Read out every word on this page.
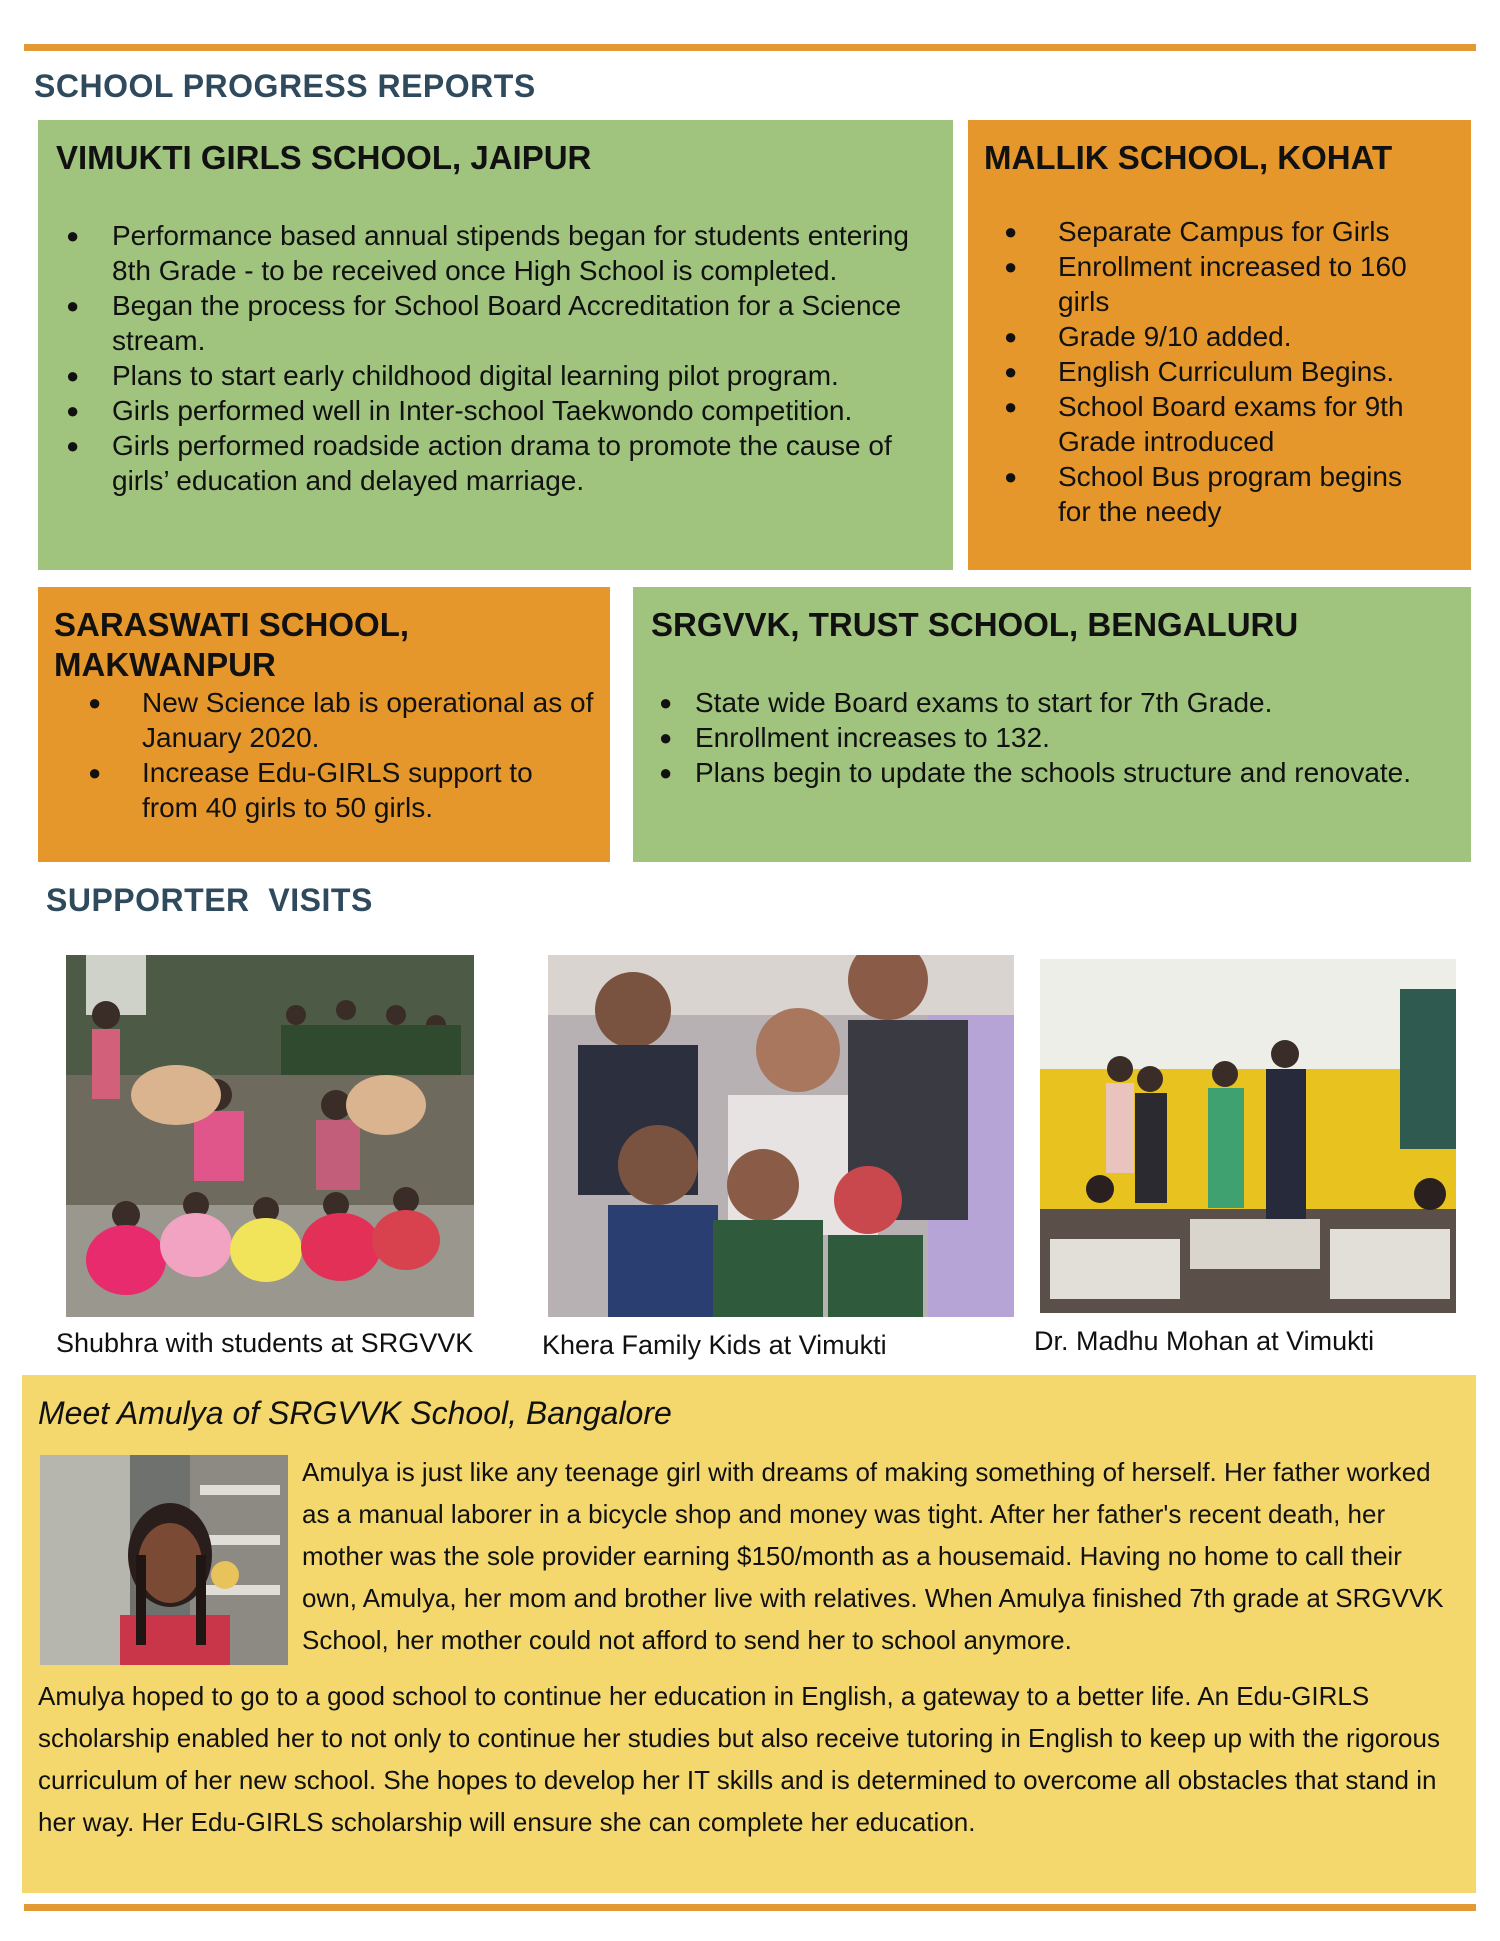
SCHOOL PROGRESS REPORTS
VIMUKTI GIRLS SCHOOL, JAIPUR
● Performance based annual stipends began for students entering 8th Grade - to be received once High School is completed.
● Began the process for School Board Accreditation for a Science stream.
● Plans to start early childhood digital learning pilot program.
● Girls performed well in Inter-school Taekwondo competition.
● Girls performed roadside action drama to promote the cause of girls’ education and delayed marriage.
MALLIK SCHOOL, KOHAT
● Separate Campus for Girls
● Enrollment increased to 160 girls
● Grade 9/10 added.
● English Curriculum Begins.
● School Board exams for 9th Grade introduced
● School Bus program begins for the needy
SARASWATI SCHOOL, MAKWANPUR
● New Science lab is operational as of January 2020.
● Increase Edu-GIRLS support to from 40 girls to 50 girls.
SRGVVK, TRUST SCHOOL, BENGALURU
● State wide Board exams to start for 7th Grade.
● Enrollment increases to 132.
● Plans begin to update the schools structure and renovate.
SUPPORTER  VISITS
Shubhra with students at SRGVVK	Khera Family Kids at Vimukti	Dr. Madhu Mohan at Vimukti
Meet Amulya of SRGVVK School, Bangalore

Amulya is just like any teenage girl with dreams of making something of herself. Her father worked as a manual laborer in a bicycle shop and money was tight. After her father's recent death, her mother was the sole provider earning $150/month as a housemaid. Having no home to call their own, Amulya, her mom and brother live with relatives. When Amulya finished 7th grade at SRGVVK School, her mother could not afford to send her to school anymore.

Amulya hoped to go to a good school to continue her education in English, a gateway to a better life. An Edu-GIRLS scholarship enabled her to not only to continue her studies but also receive tutoring in English to keep up with the rigorous curriculum of her new school. She hopes to develop her IT skills and is determined to overcome all obstacles that stand in her way. Her Edu-GIRLS scholarship will ensure she can complete her education.
